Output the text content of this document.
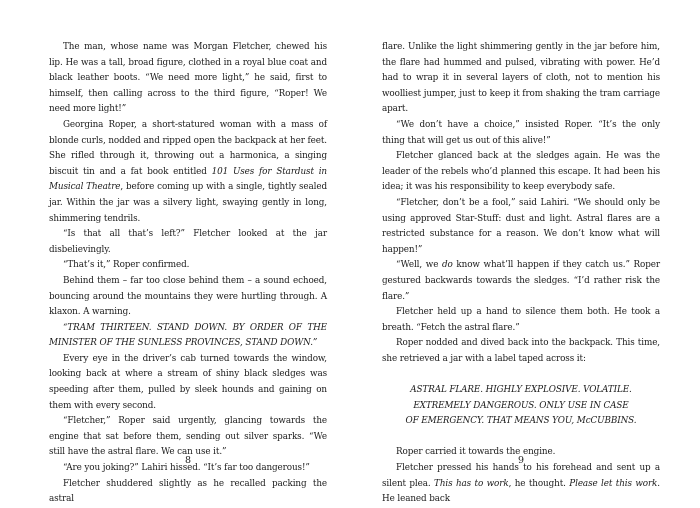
The man, whose name was Morgan Fletcher, chewed his lip. He was a tall, broad figure, clothed in a royal blue coat and black leather boots. “We need more light,” he said, first to himself, then calling across to the third figure, “Roper! We need more light!”

Georgina Roper, a short-statured woman with a mass of blonde curls, nodded and ripped open the backpack at her feet. She rifled through it, throwing out a harmonica, a singing biscuit tin and a fat book entitled 101 Uses for Stardust in Musical Theatre, before coming up with a single, tightly sealed jar. Within the jar was a silvery light, swaying gently in long, shimmering tendrils.

“Is that all that’s left?” Fletcher looked at the jar disbelievingly.

“That’s it,” Roper confirmed.

Behind them – far too close behind them – a sound echoed, bouncing around the mountains they were hurtling through. A klaxon. A warning.

“TRAM THIRTEEN. STAND DOWN. BY ORDER OF THE MINISTER OF THE SUNLESS PROVINCES, STAND DOWN.”

Every eye in the driver’s cab turned towards the window, looking back at where a stream of shiny black sledges was speeding after them, pulled by sleek hounds and gaining on them with every second.

“Fletcher,” Roper said urgently, glancing towards the engine that sat before them, sending out silver sparks. “We still have the astral flare. We can use it.”

“Are you joking?” Lahiri hissed. “It’s far too dangerous!”

Fletcher shuddered slightly as he recalled packing the astral

8

flare. Unlike the light shimmering gently in the jar before him, the flare had hummed and pulsed, vibrating with power. He’d had to wrap it in several layers of cloth, not to mention his woolliest jumper, just to keep it from shaking the tram carriage apart.

“We don’t have a choice,” insisted Roper. “It’s the only thing that will get us out of this alive!”

Fletcher glanced back at the sledges again. He was the leader of the rebels who’d planned this escape. It had been his idea; it was his responsibility to keep everybody safe.

“Fletcher, don’t be a fool,” said Lahiri. “We should only be using approved Star-Stuff: dust and light. Astral flares are a restricted substance for a reason. We don’t know what will happen!”

“Well, we do know what’ll happen if they catch us.” Roper gestured backwards towards the sledges. “I’d rather risk the flare.”

Fletcher held up a hand to silence them both. He took a breath. “Fetch the astral flare.”

Roper nodded and dived back into the backpack. This time, she retrieved a jar with a label taped across it:

ASTRAL FLARE. HIGHLY EXPLOSIVE. VOLATILE.

EXTREMELY DANGEROUS. ONLY USE IN CASE

OF EMERGENCY. THAT MEANS YOU, McCUBBINS.

Roper carried it towards the engine.

Fletcher pressed his hands to his forehead and sent up a silent plea. This has to work, he thought. Please let this work. He leaned back

9
